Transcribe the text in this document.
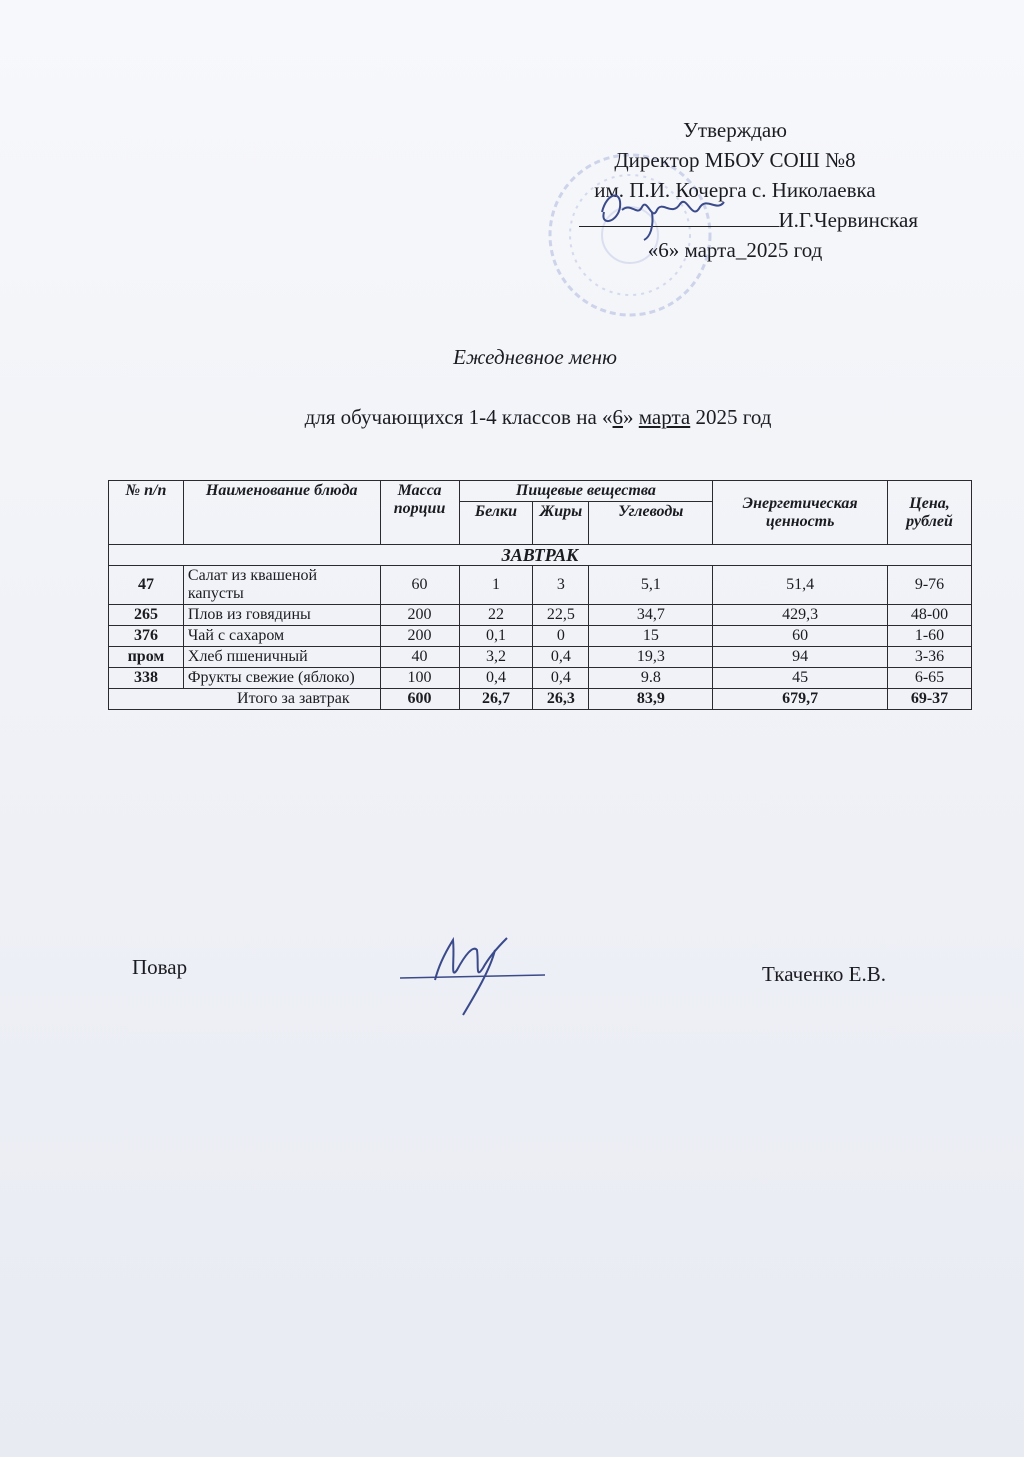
Утверждаю
Директор МБОУ СОШ №8
им. П.И. Кочерга с. Николаевка
И.Г.Червинская
«6» марта_2025 год
Ежедневное меню
для обучающихся 1-4 классов на «6» марта 2025 год
№ п/п	Наименование блюда	Масса порции	Пищевые вещества			Энергетическая ценность	Цена, рублей
			Белки	Жиры	Углеводы		
ЗАВТРАК							
47	Салат из квашеной капусты	60	1	3	5,1	51,4	9-76
265	Плов из говядины	200	22	22,5	34,7	429,3	48-00
376	Чай с сахаром	200	0,1	0	15	60	1-60
пром	Хлеб пшеничный	40	3,2	0,4	19,3	94	3-36
338	Фрукты свежие (яблоко)	100	0,4	0,4	9.8	45	6-65
Итого за завтрак		600	26,7	26,3	83,9	679,7	69-37
Повар	Ткаченко Е.В.
